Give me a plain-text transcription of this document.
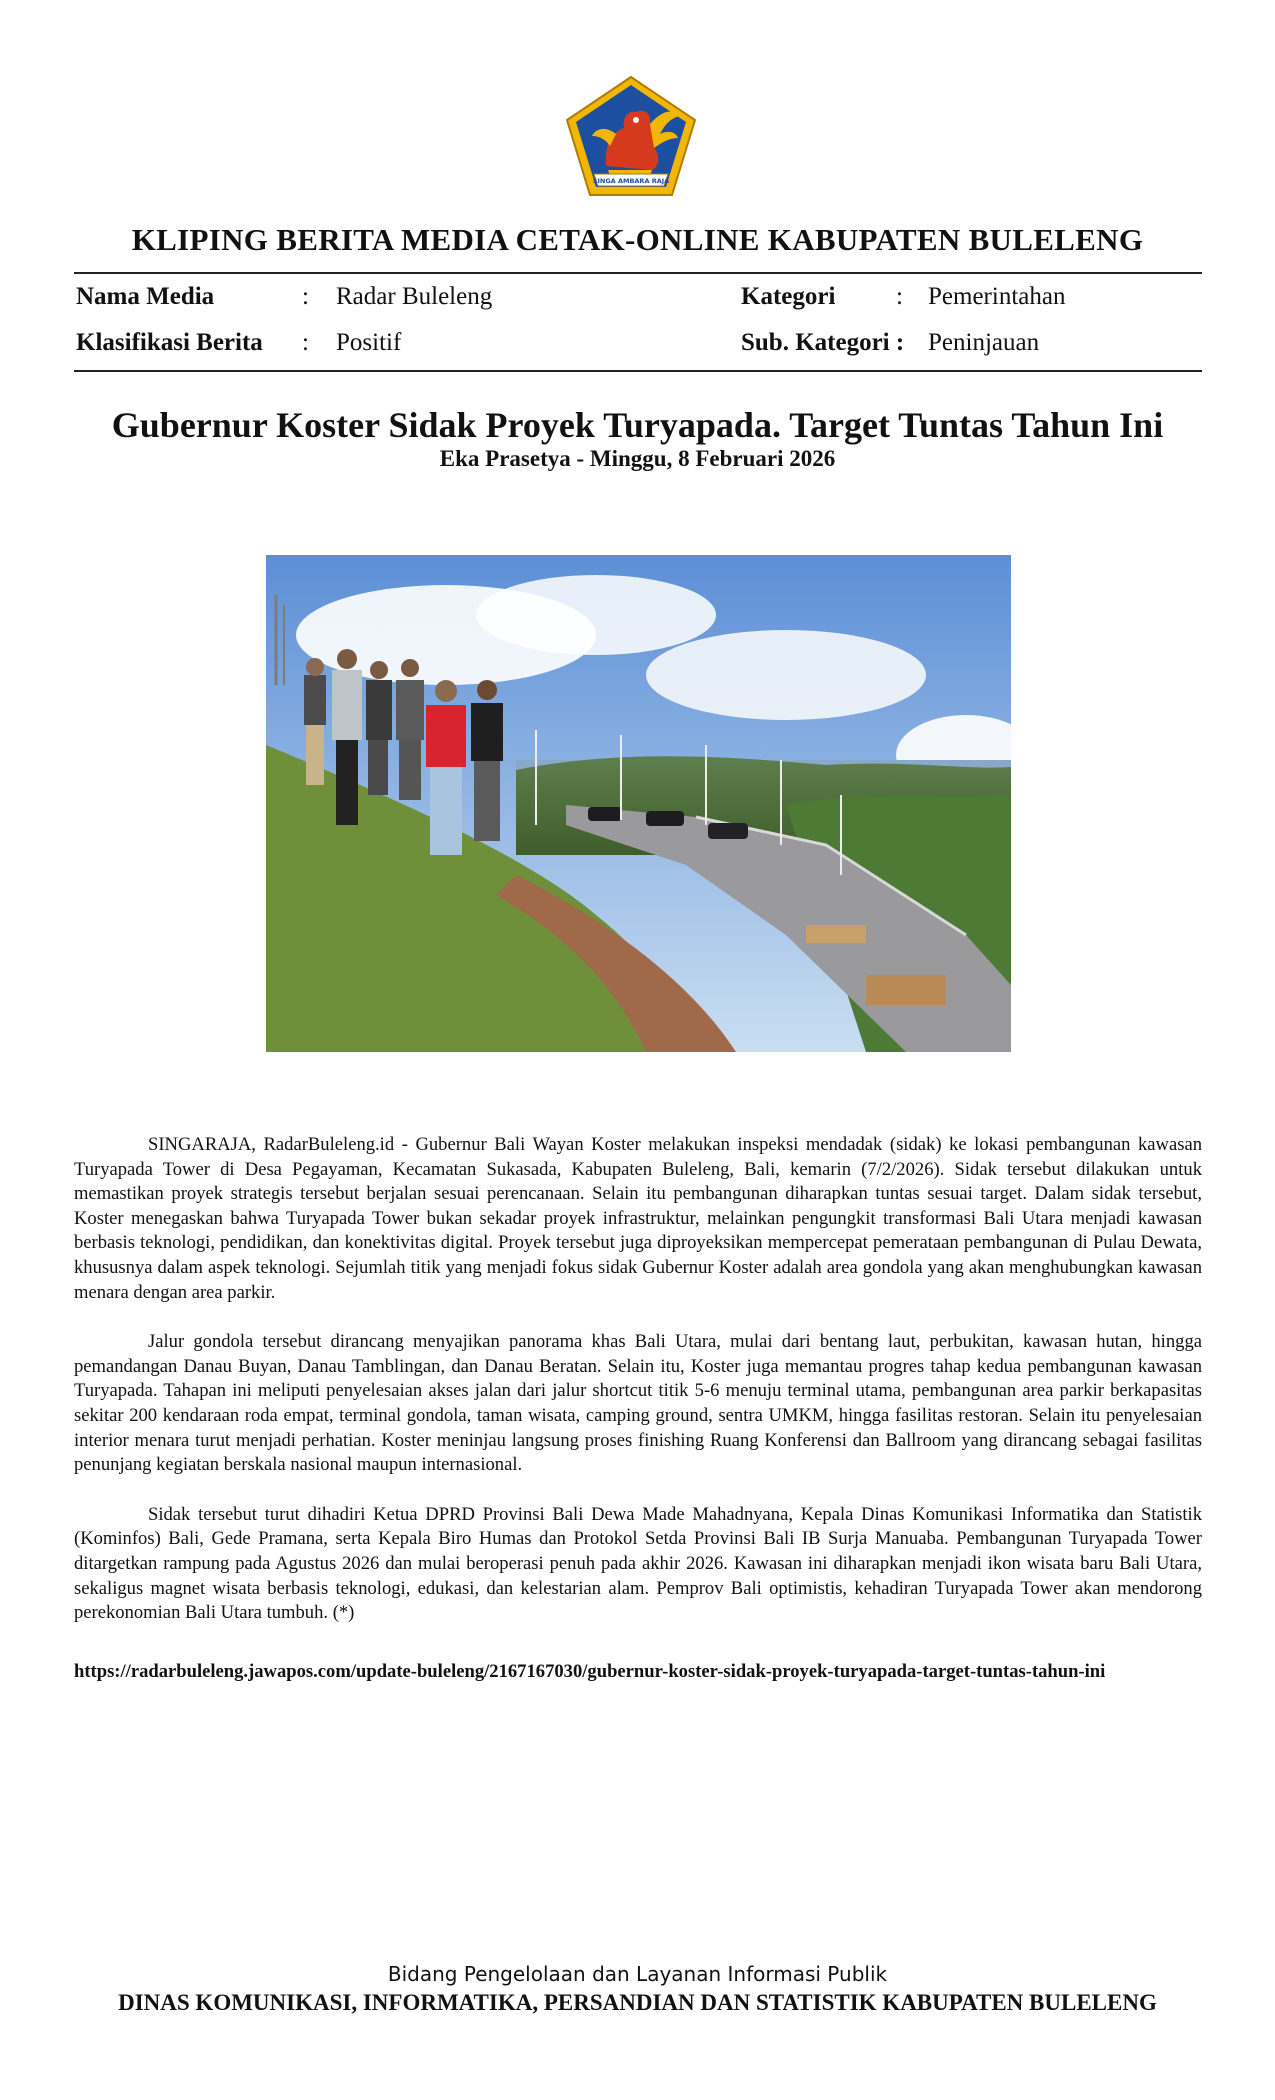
SINGA AMBARA RAJA
KLIPING BERITA MEDIA CETAK-ONLINE KABUPATEN BULELENG
Nama Media	: Radar Buleleng	Kategori : Pemerintahan
Klasifikasi Berita : Positif	Sub. Kategori : Peninjauan
Gubernur Koster Sidak Proyek Turyapada. Target Tuntas Tahun Ini
Eka Prasetya - Minggu, 8 Februari 2026

SINGARAJA, RadarBuleleng.id - Gubernur Bali Wayan Koster melakukan inspeksi mendadak (sidak) ke lokasi pembangunan kawasan Turyapada Tower di Desa Pegayaman, Kecamatan Sukasada, Kabupaten Buleleng, Bali, kemarin (7/2/2026). Sidak tersebut dilakukan untuk memastikan proyek strategis tersebut berjalan sesuai perencanaan. Selain itu pembangunan diharapkan tuntas sesuai target. Dalam sidak tersebut, Koster menegaskan bahwa Turyapada Tower bukan sekadar proyek infrastruktur, melainkan pengungkit transformasi Bali Utara menjadi kawasan berbasis teknologi, pendidikan, dan konektivitas digital. Proyek tersebut juga diproyeksikan mempercepat pemerataan pembangunan di Pulau Dewata, khususnya dalam aspek teknologi. Sejumlah titik yang menjadi fokus sidak Gubernur Koster adalah area gondola yang akan menghubungkan kawasan menara dengan area parkir.

Jalur gondola tersebut dirancang menyajikan panorama khas Bali Utara, mulai dari bentang laut, perbukitan, kawasan hutan, hingga pemandangan Danau Buyan, Danau Tamblingan, dan Danau Beratan. Selain itu, Koster juga memantau progres tahap kedua pembangunan kawasan Turyapada. Tahapan ini meliputi penyelesaian akses jalan dari jalur shortcut titik 5-6 menuju terminal utama, pembangunan area parkir berkapasitas sekitar 200 kendaraan roda empat, terminal gondola, taman wisata, camping ground, sentra UMKM, hingga fasilitas restoran. Selain itu penyelesaian interior menara turut menjadi perhatian. Koster meninjau langsung proses finishing Ruang Konferensi dan Ballroom yang dirancang sebagai fasilitas penunjang kegiatan berskala nasional maupun internasional.

Sidak tersebut turut dihadiri Ketua DPRD Provinsi Bali Dewa Made Mahadnyana, Kepala Dinas Komunikasi Informatika dan Statistik (Kominfos) Bali, Gede Pramana, serta Kepala Biro Humas dan Protokol Setda Provinsi Bali IB Surja Manuaba. Pembangunan Turyapada Tower ditargetkan rampung pada Agustus 2026 dan mulai beroperasi penuh pada akhir 2026. Kawasan ini diharapkan menjadi ikon wisata baru Bali Utara, sekaligus magnet wisata berbasis teknologi, edukasi, dan kelestarian alam. Pemprov Bali optimistis, kehadiran Turyapada Tower akan mendorong perekonomian Bali Utara tumbuh. (*)

https://radarbuleleng.jawapos.com/update-buleleng/2167167030/gubernur-koster-sidak-proyek-turyapada-target-tuntas-tahun-ini
Bidang Pengelolaan dan Layanan Informasi Publik
DINAS KOMUNIKASI, INFORMATIKA, PERSANDIAN DAN STATISTIK KABUPATEN BULELENG
